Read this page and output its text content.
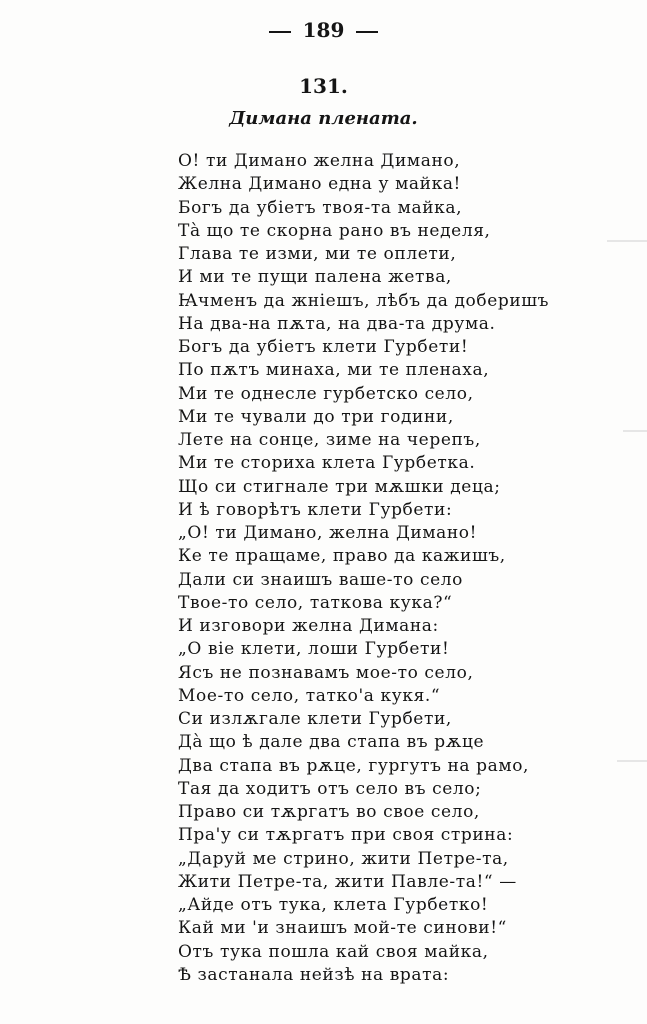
189
131.
Димана плената.
О! ти Димано желна Димано,
Желна Димано една у майка!
Богъ да убіетъ твоя-та майка,
Тà що те скорна рано въ неделя,
Глава те изми, ми те оплети,
И ми те пущи палена жетва,
Ꙗчменъ да жнiешъ, лѣбъ да доберишъ
На два-на пѫта, на два-та друма.
Богъ да убіетъ клети Гурбети!
По пѫтъ минаха, ми те пленаха,
Ми те однесле гурбетско село,
Ми те чували до три години,
Лете на сонце, зиме на черепъ,
Ми те сториха клета Гурбетка.
Що си стигнале три мѫшки деца;
И ѣ говорѣтъ клети Гурбети:
„О! ти Димано, желна Димано!
Ке те пращаме, право да кажишъ,
Дали си знаишъ ваше-то село
Твое-то село, таткова кука?“
И изговори желна Димана:
„О віе клети, лоши Гурбети!
Ясъ не познавамъ мое-то село,
Мое-то село, татко'а кукя.“
Си излѫгале клети Гурбети,
Дà що ѣ дале два стапа въ рѫце
Два стапа въ рѫце, гургутъ на рамо,
Тая да ходитъ отъ село въ село;
Право си тѫргатъ во свое село,
Пра'у си тѫргатъ при своя стрина:
„Даруй ме стрино, жити Петре-та,
Жити Петре-та, жити Павле-та!“ —
„Айде отъ тука, клета Гурбетко!
Кай ми 'и знаишъ мой-те синови!“
Отъ тука пошла кай своя майка,
Ѣ застанала нейзѣ на врата:
